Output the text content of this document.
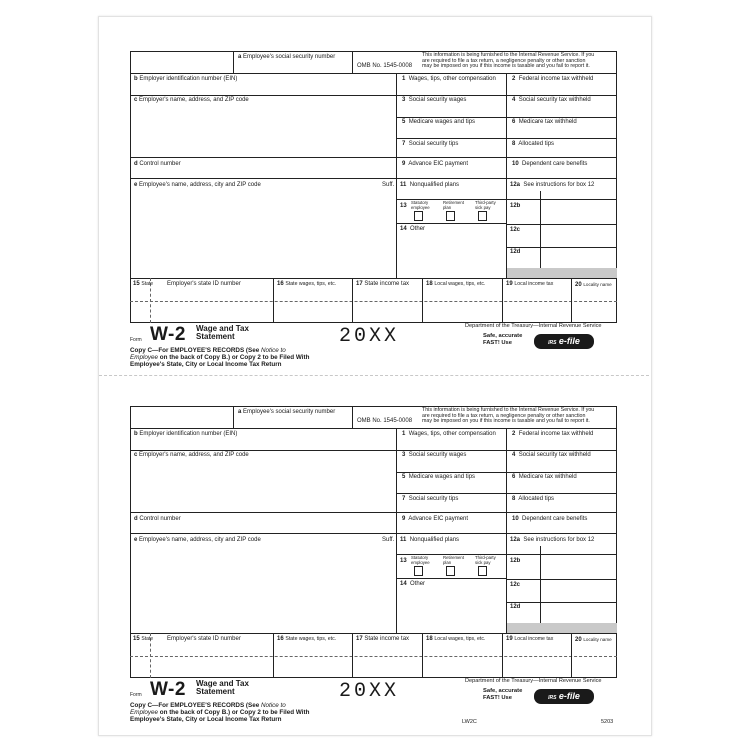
a Employee's social security number
OMB No. 1545-0008
This information is being furnished to the Internal Revenue Service. If you
are required to file a tax return, a negligence penalty or other sanction
may be imposed on you if this income is taxable and you fail to report it.
b Employer identification number (EIN)
c Employer's name, address, and ZIP code
d Control number
e Employee's name, address, city and ZIP code	Suff.
1 Wages, tips, other compensation	2 Federal income tax withheld
3 Social security wages	4 Social security tax withheld
5 Medicare wages and tips	6 Medicare tax withheld
7 Social security tips	8 Allocated tips
9 Advance EIC payment	10 Dependent care benefits
11 Nonqualified plans	12a See instructions for box 12
12b
12c
12d
13
Statutory
employee
Retirement
plan
Third-party
sick pay
14 Other
15 State Employer's state ID number	16 State wages, tips, etc.	17 State income tax	18 Local wages, tips, etc.	19 Local income tax	20 Locality name
Form W-2 Wage and Tax
Statement	20XX	Department of the Treasury—Internal Revenue Service
Safe, accurate
FAST! Use	IRS e-file
Copy C—For EMPLOYEE'S RECORDS (See Notice to
Employee on the back of Copy B.) or Copy 2 to be Filed With
Employee's State, City or Local Income Tax Return
a Employee's social security number
OMB No. 1545-0008
This information is being furnished to the Internal Revenue Service. If you
are required to file a tax return, a negligence penalty or other sanction
may be imposed on you if this income is taxable and you fail to report it.
b Employer identification number (EIN)
c Employer's name, address, and ZIP code
d Control number
e Employee's name, address, city and ZIP code	Suff.
1 Wages, tips, other compensation	2 Federal income tax withheld
3 Social security wages	4 Social security tax withheld
5 Medicare wages and tips	6 Medicare tax withheld
7 Social security tips	8 Allocated tips
9 Advance EIC payment	10 Dependent care benefits
11 Nonqualified plans	12a See instructions for box 12
12b
12c
12d
13
Statutory
employee
Retirement
plan
Third-party
sick pay
14 Other
15 State Employer's state ID number	16 State wages, tips, etc.	17 State income tax	18 Local wages, tips, etc.	19 Local income tax	20 Locality name
Form W-2 Wage and Tax
Statement	20XX	Department of the Treasury—Internal Revenue Service
Safe, accurate
FAST! Use	IRS e-file
Copy C—For EMPLOYEE'S RECORDS (See Notice to
Employee on the back of Copy B.) or Copy 2 to be Filed With
Employee's State, City or Local Income Tax Return	LW2C	5203
